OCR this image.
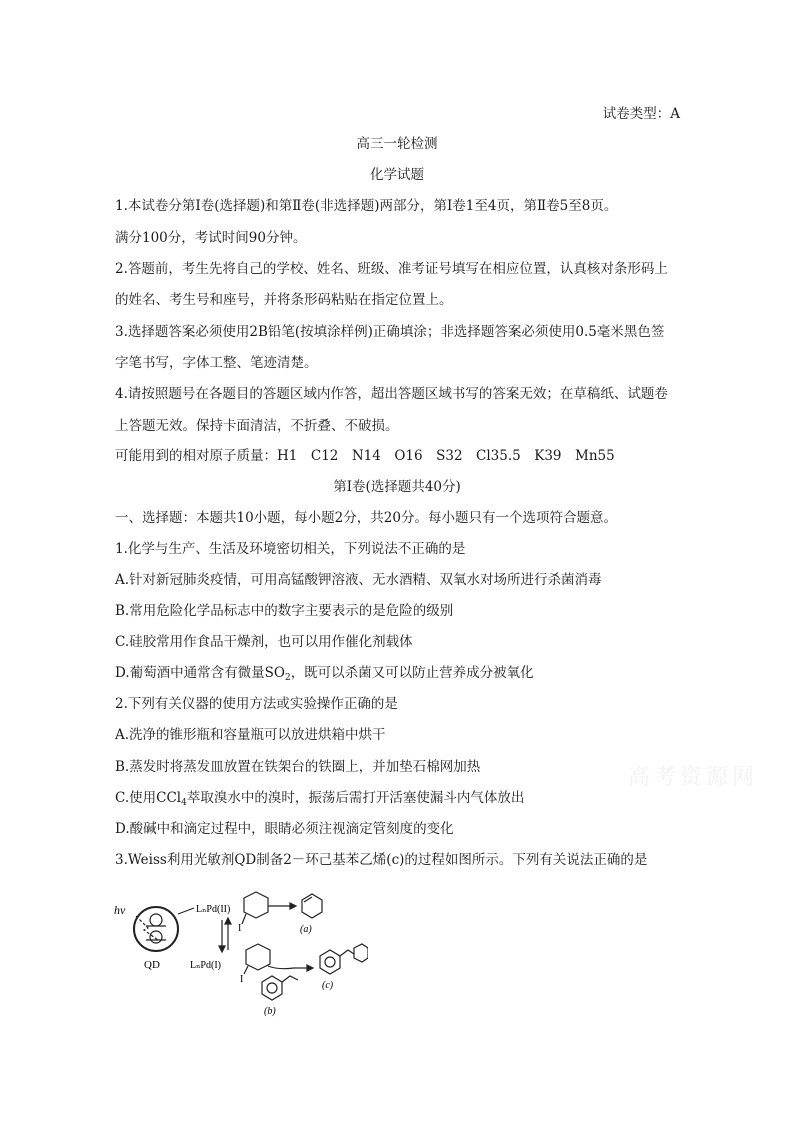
试卷类型：A
高三一轮检测
化学试题
1.本试卷分第Ⅰ卷(选择题)和第Ⅱ卷(非选择题)两部分，第Ⅰ卷1至4页，第Ⅱ卷5至8页。
满分100分，考试时间90分钟。
2.答题前，考生先将自己的学校、姓名、班级、准考证号填写在相应位置，认真核对条形码上
的姓名、考生号和座号，并将条形码粘贴在指定位置上。
3.选择题答案必须使用2B铅笔(按填涂样例)正确填涂；非选择题答案必须使用0.5毫米黑色签
字笔书写，字体工整、笔迹清楚。
4.请按照题号在各题目的答题区域内作答，超出答题区域书写的答案无效；在草稿纸、试题卷
上答题无效。保持卡面清洁，不折叠、不破损。
可能用到的相对原子质量：H1　C12　N14　O16　S32　Cl35.5　K39　Mn55
第Ⅰ卷(选择题共40分)
一、选择题：本题共10小题，每小题2分，共20分。每小题只有一个选项符合题意。
1.化学与生产、生活及环境密切相关，下列说法不正确的是
A.针对新冠肺炎疫情，可用高锰酸钾溶液、无水酒精、双氧水对场所进行杀菌消毒
B.常用危险化学品标志中的数字主要表示的是危险的级别
C.硅胶常用作食品干燥剂，也可以用作催化剂载体
D.葡萄酒中通常含有微量$SO_2$，既可以杀菌又可以防止营养成分被氧化
2.下列有关仪器的使用方法或实验操作正确的是
A.洗净的锥形瓶和容量瓶可以放进烘箱中烘干
B.蒸发时将蒸发皿放置在铁架台的铁圈上，并加垫石棉网加热
C.使用CCl$_4$萃取溴水中的溴时，振荡后需打开活塞使漏斗内气体放出
D.酸碱中和滴定过程中，眼睛必须注视滴定管刻度的变化
3.Weiss利用光敏剂QD制备2－环己基苯乙烯(c)的过程如图所示。下列有关说法正确的是
高考资源网
hv
QD
LₙPd(II)
I	(a)
LₙPd(I)
I
(b)
(c)
